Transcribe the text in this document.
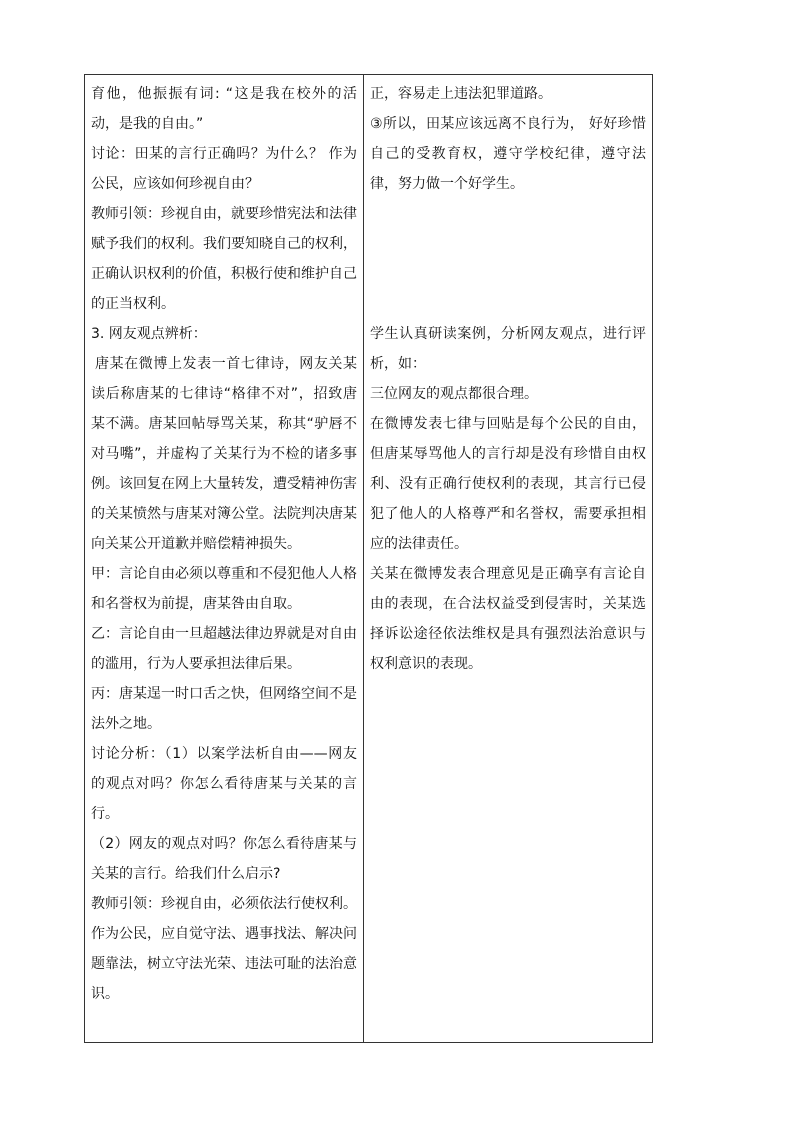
育他，他振振有词: “这是我在校外的活动，是我的自由。”

讨论：田某的言行正确吗？为什么？ 作为公民，应该如何珍视自由？

教师引领：珍视自由，就要珍惜宪法和法律赋予我们的权利。我们要知晓自己的权利，正确认识权利的价值，积极行使和维护自己的正当权利。

3. 网友观点辨析：

唐某在微博上发表一首七律诗，网友关某读后称唐某的七律诗“格律不对”，招致唐某不满。唐某回帖辱骂关某，称其“驴唇不对马嘴”，并虚构了关某行为不检的诸多事例。该回复在网上大量转发，遭受精神伤害的关某愤然与唐某对簿公堂。法院判决唐某向关某公开道歉并赔偿精神损失。

甲：言论自由必须以尊重和不侵犯他人人格和名誉权为前提，唐某咎由自取。

乙：言论自由一旦超越法律边界就是对自由的滥用，行为人要承担法律后果。

丙：唐某逞一时口舌之快，但网络空间不是法外之地。

讨论分析：（1）以案学法析自由——网友的观点对吗？你怎么看待唐某与关某的言行。

（2）网友的观点对吗？你怎么看待唐某与关某的言行。给我们什么启示?

教师引领：珍视自由，必须依法行使权利。作为公民，应自觉守法、遇事找法、解决问题靠法，树立守法光荣、违法可耻的法治意识。

正，容易走上违法犯罪道路。

③所以，田某应该远离不良行为， 好好珍惜自己的受教育权，遵守学校纪律，遵守法律，努力做一个好学生。

学生认真研读案例，分析网友观点，进行评析，如：

三位网友的观点都很合理。

在微博发表七律与回贴是每个公民的自由，但唐某辱骂他人的言行却是没有珍惜自由权利、没有正确行使权利的表现，其言行已侵犯了他人的人格尊严和名誉权，需要承担相应的法律责任。

关某在微博发表合理意见是正确享有言论自由的表现，在合法权益受到侵害时，关某选择诉讼途径依法维权是具有强烈法治意识与权利意识的表现。
